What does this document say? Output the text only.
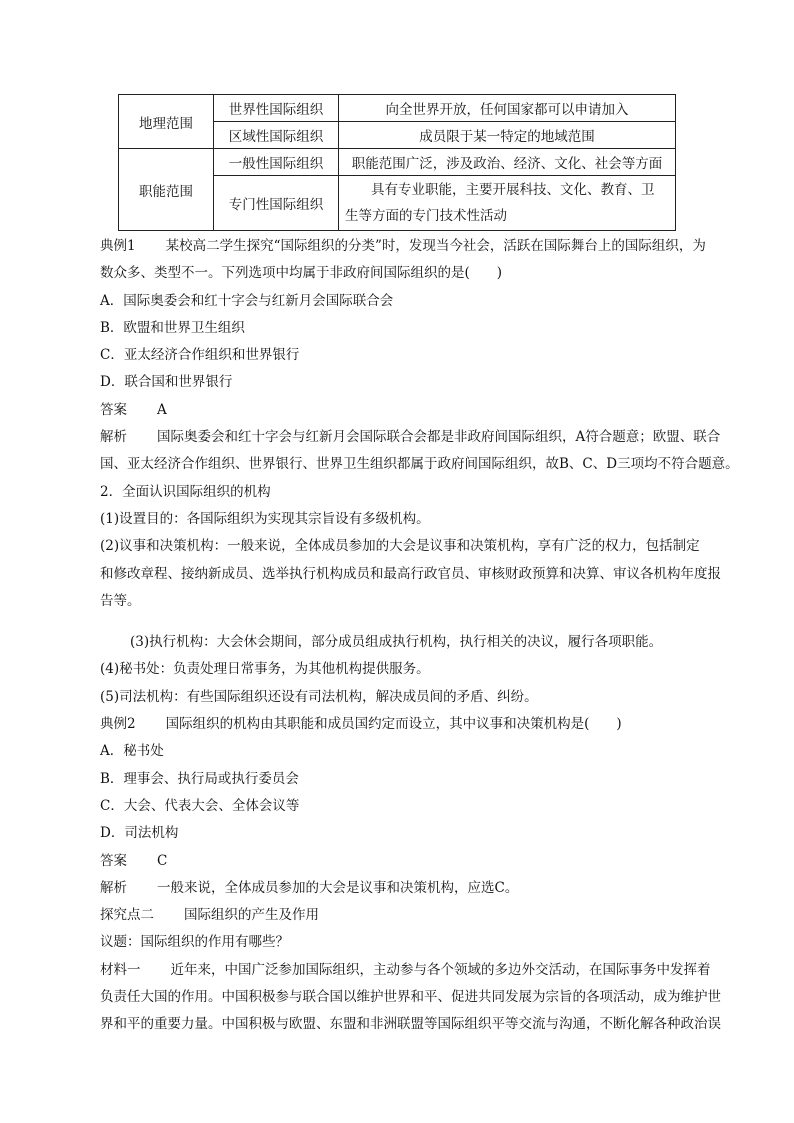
地理范围	世界性国际组织	向全世界开放，任何国家都可以申请加入
	区域性国际组织	成员限于某一特定的地域范围
职能范围	一般性国际组织	职能范围广泛，涉及政治、经济、文化、社会等方面
	专门性国际组织	具有专业职能，主要开展科技、文化、教育、卫
生等方面的专门技术性活动
典例1 某校高二学生探究“国际组织的分类”时，发现当今社会，活跃在国际舞台上的国际组织，为
数众多、类型不一。下列选项中均属于非政府间国际组织的是(　　)
A．国际奥委会和红十字会与红新月会国际联合会
B．欧盟和世界卫生组织
C．亚太经济合作组织和世界银行
D．联合国和世界银行
答案 A
解析 国际奥委会和红十字会与红新月会国际联合会都是非政府间国际组织，A符合题意；欧盟、联合
国、亚太经济合作组织、世界银行、世界卫生组织都属于政府间国际组织，故B、C、D三项均不符合题意。
2．全面认识国际组织的机构
(1)设置目的：各国际组织为实现其宗旨设有多级机构。
(2)议事和决策机构：一般来说，全体成员参加的大会是议事和决策机构，享有广泛的权力，包括制定
和修改章程、接纳新成员、选举执行机构成员和最高行政官员、审核财政预算和决算、审议各机构年度报
告等。
(3)执行机构：大会休会期间，部分成员组成执行机构，执行相关的决议，履行各项职能。
(4)秘书处：负责处理日常事务，为其他机构提供服务。
(5)司法机构：有些国际组织还设有司法机构，解决成员间的矛盾、纠纷。
典例2 国际组织的机构由其职能和成员国约定而设立，其中议事和决策机构是(　　)
A．秘书处
B．理事会、执行局或执行委员会
C．大会、代表大会、全体会议等
D．司法机构
答案 C
解析 一般来说，全体成员参加的大会是议事和决策机构，应选C。
探究点二 国际组织的产生及作用
议题：国际组织的作用有哪些？
材料一 近年来，中国广泛参加国际组织，主动参与各个领域的多边外交活动，在国际事务中发挥着
负责任大国的作用。中国积极参与联合国以维护世界和平、促进共同发展为宗旨的各项活动，成为维护世
界和平的重要力量。中国积极与欧盟、东盟和非洲联盟等国际组织平等交流与沟通，不断化解各种政治误
